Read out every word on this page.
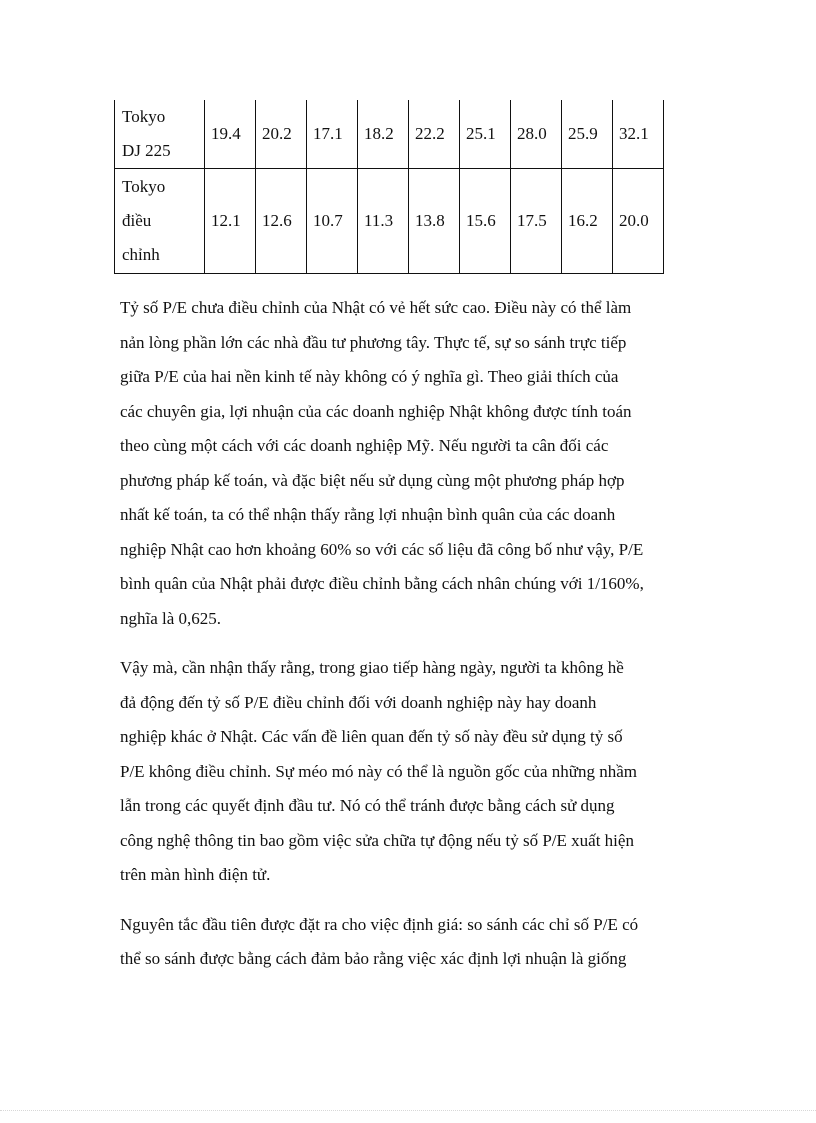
Tokyo
DJ 225	19.4	20.2	17.1	18.2	22.2	25.1	28.0	25.9	32.1

Tokyo
điều
chỉnh	12.1	12.6	10.7	11.3	13.8	15.6	17.5	16.2	20.0

Tỷ số P/E chưa điều chỉnh của Nhật có vẻ hết sức cao. Điều này có thể làm
nản lòng phần lớn các nhà đầu tư phương tây. Thực tế, sự so sánh trực tiếp
giữa P/E của hai nền kinh tế này không có ý nghĩa gì. Theo giải thích của
các chuyên gia, lợi nhuận của các doanh nghiệp Nhật không được tính toán
theo cùng một cách với các doanh nghiệp Mỹ. Nếu người ta cân đối các
phương pháp kế toán, và đặc biệt nếu sử dụng cùng một phương pháp hợp
nhất kế toán, ta có thể nhận thấy rằng lợi nhuận bình quân của các doanh
nghiệp Nhật cao hơn khoảng 60% so với các số liệu đã công bố như vậy, P/E
bình quân của Nhật phải được điều chỉnh bằng cách nhân chúng với 1/160%,
nghĩa là 0,625.

Vậy mà, cần nhận thấy rằng, trong giao tiếp hàng ngày, người ta không hề
đả động đến tỷ số P/E điều chỉnh đối với doanh nghiệp này hay doanh
nghiệp khác ở Nhật. Các vấn đề liên quan đến tỷ số này đều sử dụng tỷ số
P/E không điều chỉnh. Sự méo mó này có thể là nguồn gốc của những nhầm
lẫn trong các quyết định đầu tư. Nó có thể tránh được bằng cách sử dụng
công nghệ thông tin bao gồm việc sửa chữa tự động nếu tỷ số P/E xuất hiện
trên màn hình điện tử.

Nguyên tắc đầu tiên được đặt ra cho việc định giá: so sánh các chỉ số P/E có
thể so sánh được bằng cách đảm bảo rằng việc xác định lợi nhuận là giống
